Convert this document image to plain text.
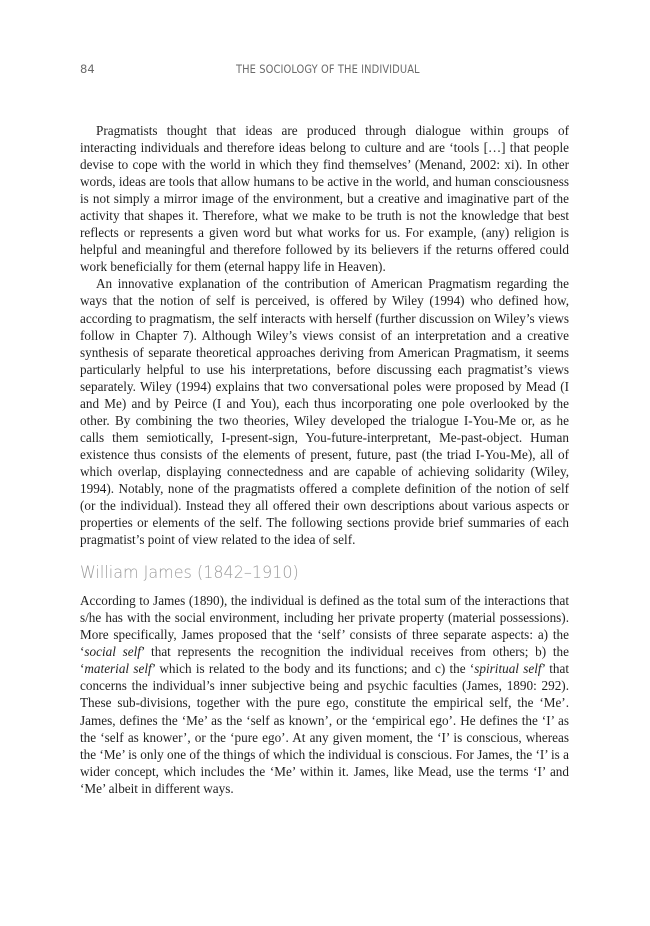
84	THE SOCIOLOGY OF THE INDIVIDUAL

Pragmatists thought that ideas are produced through dialogue within groups of interacting individuals and therefore ideas belong to culture and are ‘tools […] that people devise to cope with the world in which they find themselves’ (Menand, 2002: xi). In other words, ideas are tools that allow humans to be active in the world, and human consciousness is not simply a mirror image of the environment, but a creative and imaginative part of the activity that shapes it. Therefore, what we make to be truth is not the knowledge that best reflects or represents a given word but what works for us. For example, (any) religion is helpful and meaningful and therefore followed by its believers if the returns offered could work beneficially for them (eternal happy life in Heaven).

An innovative explanation of the contribution of American Pragmatism regarding the ways that the notion of self is perceived, is offered by Wiley (1994) who defined how, according to pragmatism, the self interacts with herself (further discussion on Wiley’s views follow in Chapter 7). Although Wiley’s views consist of an interpretation and a creative synthesis of separate theoretical approaches deriving from American Pragmatism, it seems particularly helpful to use his interpretations, before discussing each pragmatist’s views separately. Wiley (1994) explains that two conversational poles were proposed by Mead (I and Me) and by Peirce (I and You), each thus incorporating one pole overlooked by the other. By combining the two theories, Wiley developed the trialogue I-You-Me or, as he calls them semiotically, I-present-sign, You-future-interpretant, Me-past-object. Human existence thus consists of the elements of present, future, past (the triad I-You-Me), all of which overlap, displaying connectedness and are capable of achieving solidarity (Wiley, 1994). Notably, none of the pragmatists offered a complete definition of the notion of self (or the individual). Instead they all offered their own descriptions about various aspects or properties or elements of the self. The following sections provide brief summaries of each pragmatist’s point of view related to the idea of self.

William James (1842–1910)

According to James (1890), the individual is defined as the total sum of the interactions that s/he has with the social environment, including her private property (material possessions). More specifically, James proposed that the ‘self’ consists of three separate aspects: a) the ‘social self’ that represents the recognition the individual receives from others; b) the ‘material self’ which is related to the body and its functions; and c) the ‘spiritual self’ that concerns the individual’s inner subjective being and psychic faculties (James, 1890: 292). These sub-divisions, together with the pure ego, constitute the empirical self, the ‘Me’. James, defines the ‘Me’ as the ‘self as known’, or the ‘empirical ego’. He defines the ‘I’ as the ‘self as knower’, or the ‘pure ego’. At any given moment, the ‘I’ is conscious, whereas the ‘Me’ is only one of the things of which the individual is conscious. For James, the ‘I’ is a wider concept, which includes the ‘Me’ within it. James, like Mead, use the terms ‘I’ and ‘Me’ albeit in different ways.
